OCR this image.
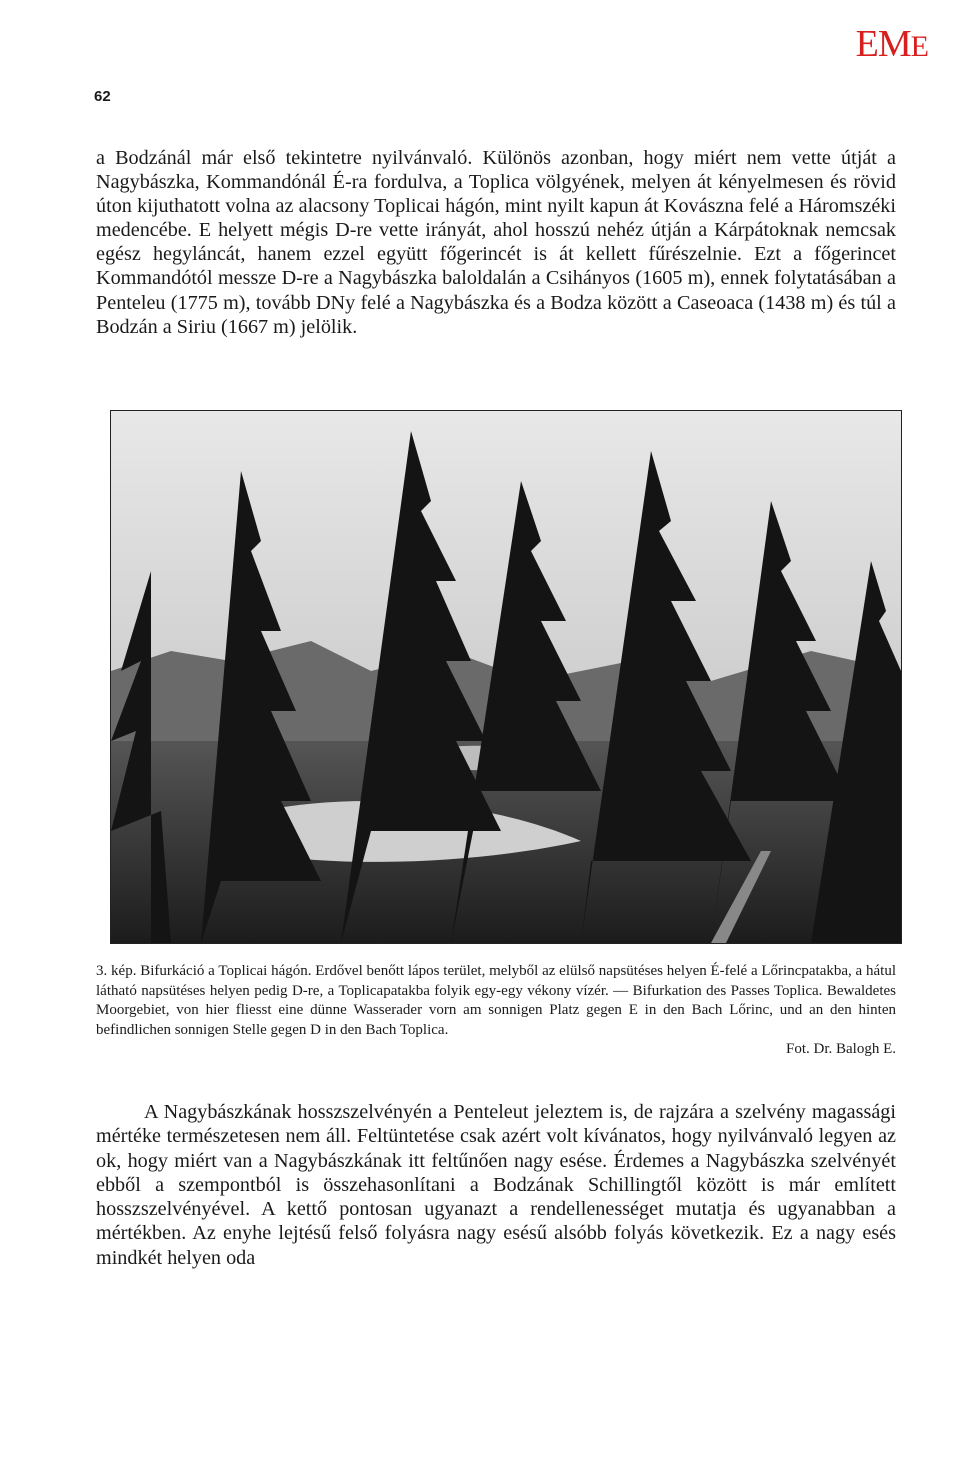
EME
62

a Bodzánál már első tekintetre nyilvánvaló. Különös azonban, hogy miért nem vette útját a Nagybászka, Kommandónál É-ra fordulva, a Toplica völgyének, melyen át kényelmesen és rövid úton kijuthatott volna az alacsony Toplicai hágón, mint nyilt kapun át Kovászna felé a Háromszéki medencébe. E helyett mégis D-re vette irányát, ahol hosszú nehéz útján a Kárpátoknak nemcsak egész hegyláncát, hanem ezzel együtt főgerincét is át kellett fűrészelnie. Ezt a főgerincet Kommandótól messze D-re a Nagybászka baloldalán a Csihányos (1605 m), ennek folytatásában a Penteleu (1775 m), tovább DNy felé a Nagybászka és a Bodza között a Caseoaca (1438 m) és túl a Bodzán a Siriu (1667 m) jelölik.

3. kép. Bifurkáció a Toplicai hágón. Erdővel benőtt lápos terület, melyből az elülső napsütéses helyen É-felé a Lőrincpatakba, a hátul látható napsütéses helyen pedig D-re, a Toplicapatakba folyik egy-egy vékony vízér. — Bifurkation des Passes Toplica. Bewaldetes Moorgebiet, von hier fliesst eine dünne Wasserader vorn am sonnigen Platz gegen E in den Bach Lőrinc, und an den hinten befindlichen sonnigen Stelle gegen D in den Bach Toplica.
Fot. Dr. Balogh E.

A Nagybászkának hosszszelvényén a Penteleut jeleztem is, de rajzára a szelvény magassági mértéke természetesen nem áll. Feltüntetése csak azért volt kívánatos, hogy nyilvánvaló legyen az ok, hogy miért van a Nagybászkának itt feltűnően nagy esése. Érdemes a Nagybászka szelvényét ebből a szempontból is összehasonlítani a Bodzának Schillingtől között is már említett hosszszelvényével. A kettő pontosan ugyanazt a rendellenességet mutatja és ugyanabban a mértékben. Az enyhe lejtésű felső folyásra nagy esésű alsóbb folyás következik. Ez a nagy esés mindkét helyen oda
